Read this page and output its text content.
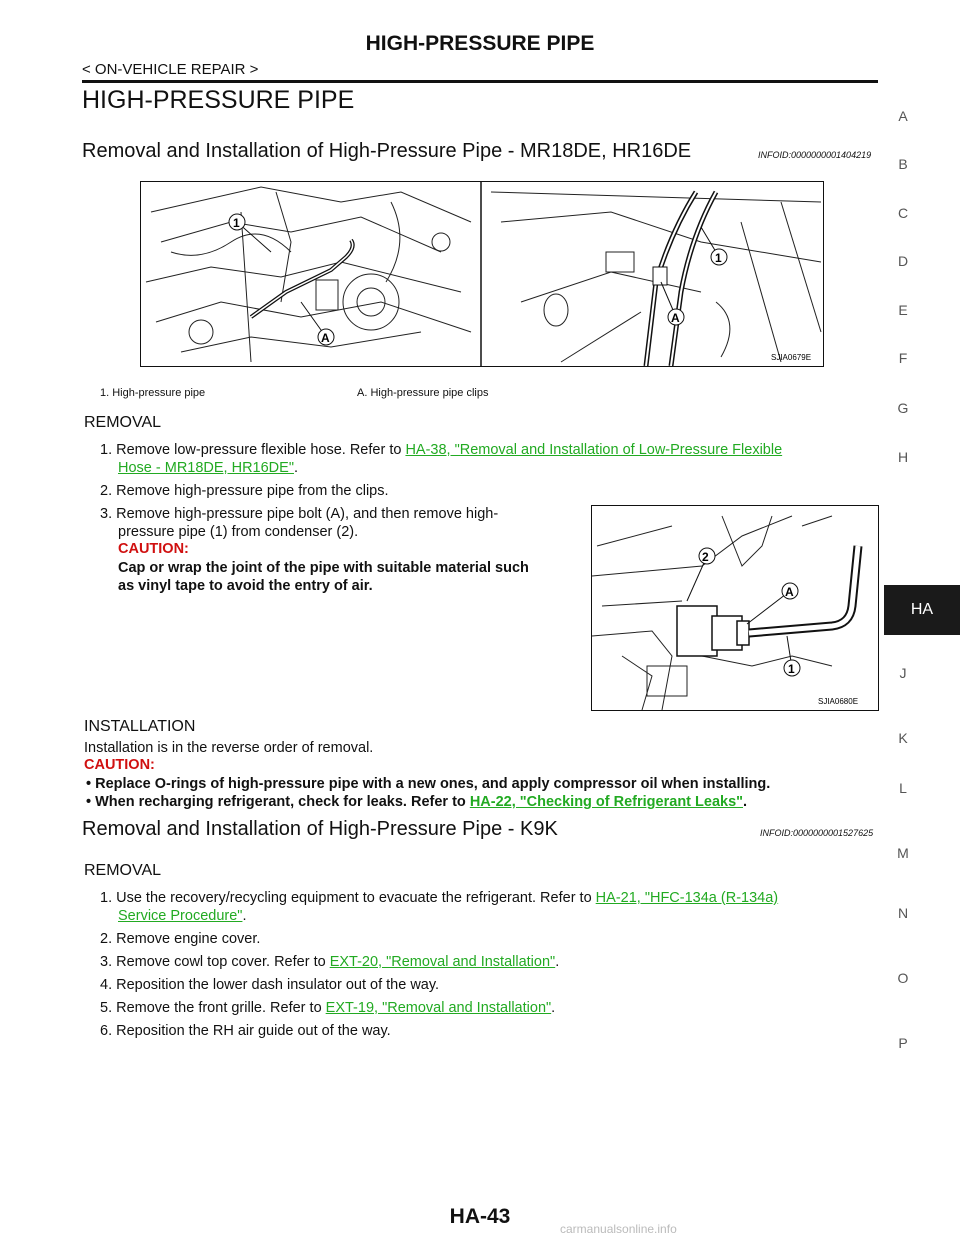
HIGH-PRESSURE PIPE
< ON-VEHICLE REPAIR >
HIGH-PRESSURE PIPE
Removal and Installation of High-Pressure Pipe - MR18DE, HR16DE	INFOID:0000000001404219
1
A
1
A
SJIA0679E
1. High-pressure pipe	A. High-pressure pipe clips
REMOVAL
1. Remove low-pressure flexible hose. Refer to HA-38, "Removal and Installation of Low-Pressure Flexible
Hose - MR18DE, HR16DE".
2. Remove high-pressure pipe from the clips.
3. Remove high-pressure pipe bolt (A), and then remove high-
pressure pipe (1) from condenser (2).
CAUTION:
Cap or wrap the joint of the pipe with suitable material such
as vinyl tape to avoid the entry of air.
2
A
1
SJIA0680E
INSTALLATION
Installation is in the reverse order of removal.
CAUTION:
• Replace O-rings of high-pressure pipe with a new ones, and apply compressor oil when installing.
• When recharging refrigerant, check for leaks. Refer to HA-22, "Checking of Refrigerant Leaks".
Removal and Installation of High-Pressure Pipe - K9K	INFOID:0000000001527625
REMOVAL
1. Use the recovery/recycling equipment to evacuate the refrigerant. Refer to HA-21, "HFC-134a (R-134a)
Service Procedure".
2. Remove engine cover.
3. Remove cowl top cover. Refer to EXT-20, "Removal and Installation".
4. Reposition the lower dash insulator out of the way.
5. Remove the front grille. Refer to EXT-19, "Removal and Installation".
6. Reposition the RH air guide out of the way.
A
B
C
D
E
F
G
H
J
K
L
M
N
O
P
HA
HA-43
carmanualsonline.info
